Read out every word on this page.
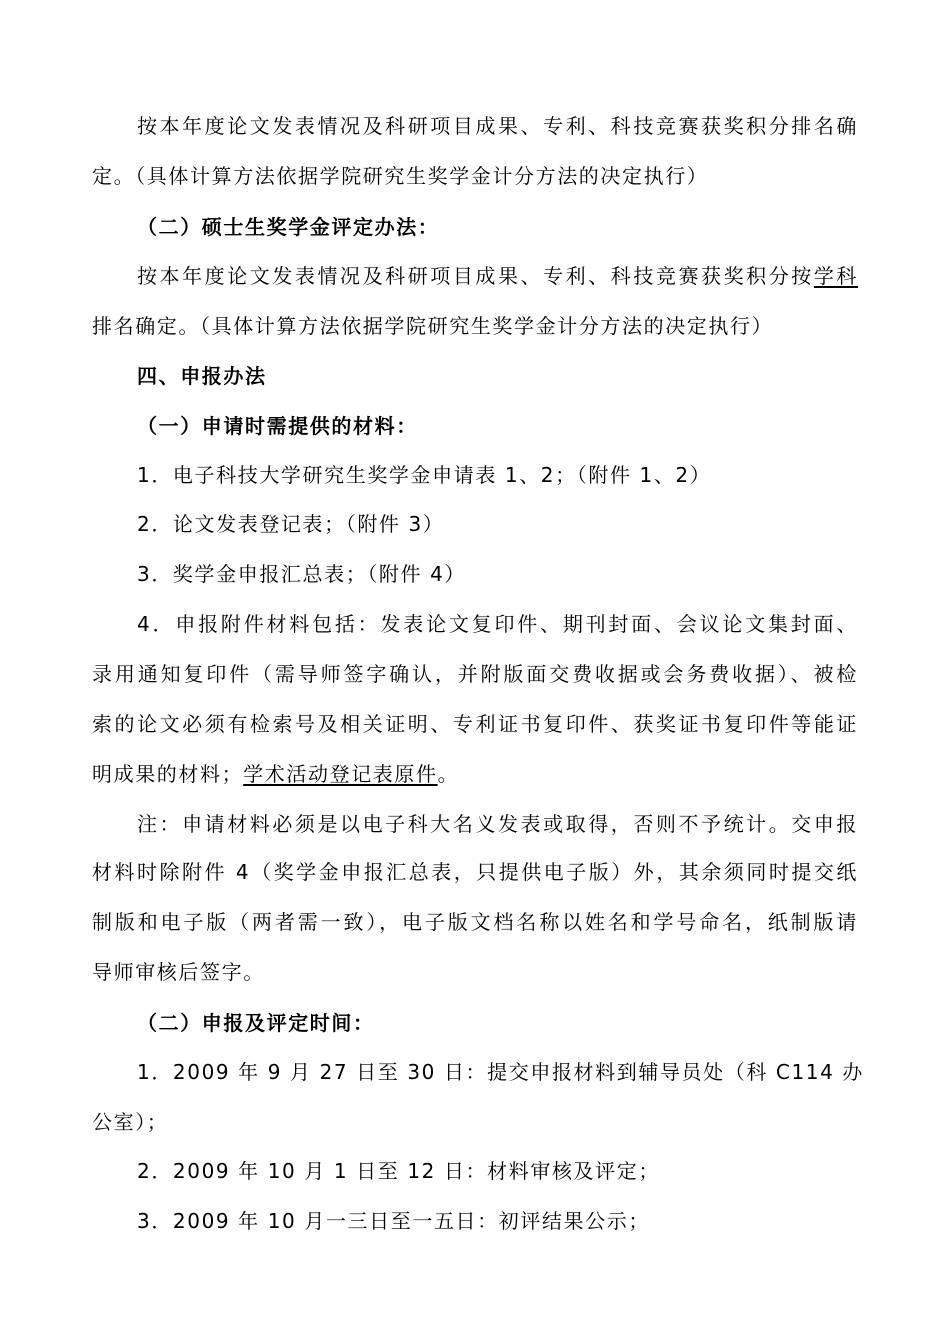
按本年度论文发表情况及科研项目成果、专利、科技竞赛获奖积分排名确
定。（具体计算方法依据学院研究生奖学金计分方法的决定执行）
（二）硕士生奖学金评定办法：
按本年度论文发表情况及科研项目成果、专利、科技竞赛获奖积分按学科
排名确定。（具体计算方法依据学院研究生奖学金计分方法的决定执行）
四、申报办法
（一）申请时需提供的材料：
1．电子科技大学研究生奖学金申请表 1、2；（附件 1、2）
2．论文发表登记表；（附件 3）
3．奖学金申报汇总表；（附件 4）
4．申报附件材料包括：发表论文复印件、期刊封面、会议论文集封面、
录用通知复印件（需导师签字确认，并附版面交费收据或会务费收据）、被检
索的论文必须有检索号及相关证明、专利证书复印件、获奖证书复印件等能证
明成果的材料；学术活动登记表原件。
注：申请材料必须是以电子科大名义发表或取得，否则不予统计。交申报
材料时除附件 4（奖学金申报汇总表，只提供电子版）外，其余须同时提交纸
制版和电子版（两者需一致），电子版文档名称以姓名和学号命名，纸制版请
导师审核后签字。
（二）申报及评定时间：
1．2009 年 9 月 27 日至 30 日：提交申报材料到辅导员处（科 C114 办
公室）；
2．2009 年 10 月 1 日至 12 日：材料审核及评定；
3．2009 年 10 月一三日至一五日：初评结果公示；
